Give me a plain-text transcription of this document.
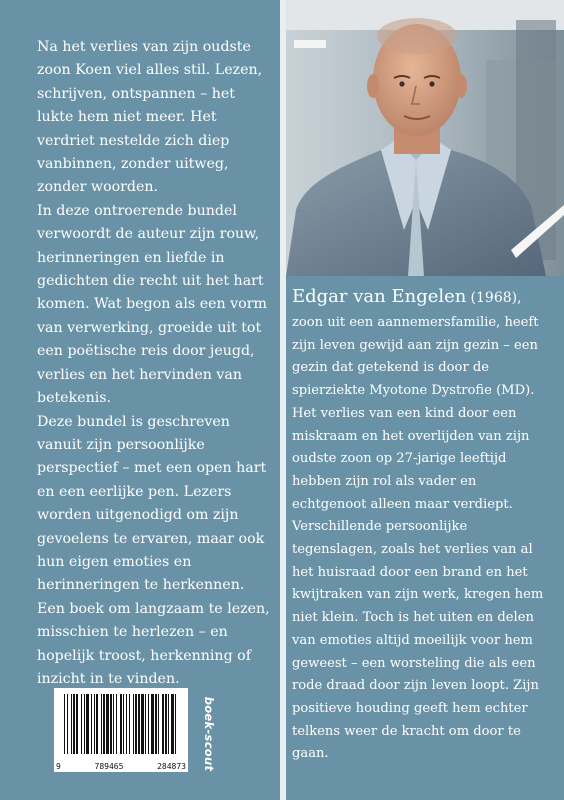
Na het verlies van zijn oudste zoon Koen viel alles stil. Lezen, schrijven, ontspannen – het lukte hem niet meer. Het verdriet nestelde zich diep vanbinnen, zonder uitweg, zonder woorden.

In deze ontroerende bundel verwoordt de auteur zijn rouw, herinneringen en liefde in gedichten die recht uit het hart komen. Wat begon als een vorm van verwerking, groeide uit tot een poëtische reis door jeugd, verlies en het hervinden van betekenis.

Deze bundel is geschreven vanuit zijn persoonlijke perspectief – met een open hart en een eerlijke pen. Lezers worden uitgenodigd om zijn gevoelens te ervaren, maar ook hun eigen emoties en herinneringen te herkennen.

Een boek om langzaam te lezen, misschien te herlezen – en hopelijk troost, herkenning of inzicht in te vinden.

Edgar van Engelen (1968),

zoon uit een aannemersfamilie, heeft zijn leven gewijd aan zijn gezin – een gezin dat getekend is door de spierziekte Myotone Dystrofie (MD). Het verlies van een kind door een miskraam en het overlijden van zijn oudste zoon op 27-jarige leeftijd hebben zijn rol als vader en echtgenoot alleen maar verdiept.

Verschillende persoonlijke tegenslagen, zoals het verlies van al het huisraad door een brand en het kwijtraken van zijn werk, kregen hem niet klein. Toch is het uiten en delen van emoties altijd moeilijk voor hem geweest – een worsteling die als een rode draad door zijn leven loopt. Zijn positieve houding geeft hem echter telkens weer de kracht om door te gaan.

9	789465	284873 boek-scout
